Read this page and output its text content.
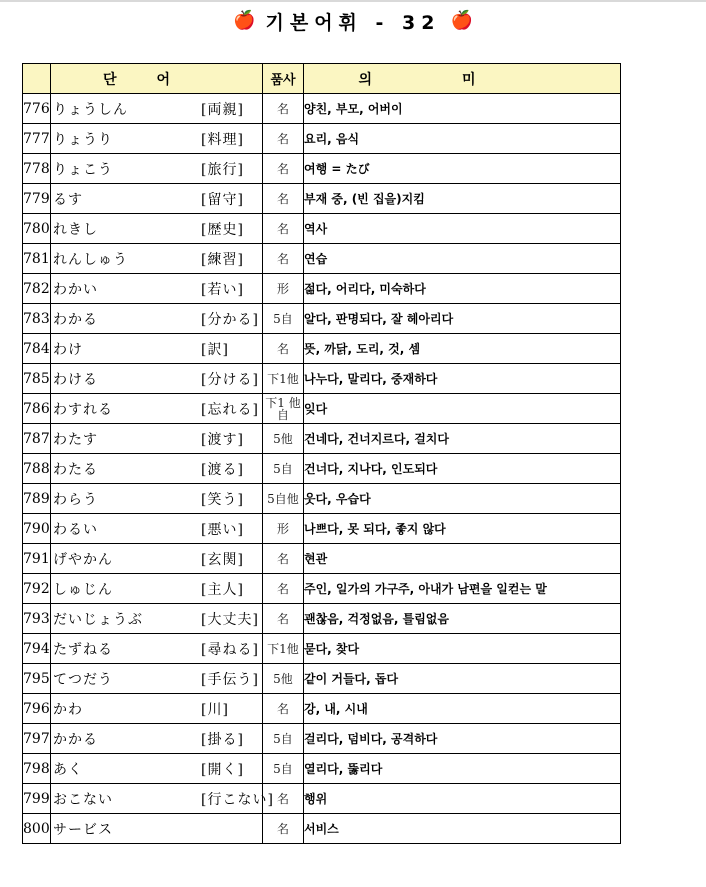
🍎 기본어휘 - 32 🍎
	단어	품사	의미
776	りょうしん [両親]	名	양친, 부모, 어버이
777	りょうり [料理]	名	요리, 음식
778	りょこう [旅行]	名	여행 = たび
779	るす [留守]	名	부재 중, (빈 집을)지킴
780	れきし [歴史]	名	역사
781	れんしゅう [練習]	名	연습
782	わかい [若い]	形	젊다, 어리다, 미숙하다
783	わかる [分かる]	5自	알다, 판명되다, 잘 헤아리다
784	わけ [訳]	名	뜻, 까닭, 도리, 것, 셈
785	わける [分ける]	下1他	나누다, 말리다, 중재하다
786	わすれる [忘れる]	下1 他自	잊다
787	わたす [渡す]	5他	건네다, 건너지르다, 걸치다
788	わたる [渡る]	5自	건너다, 지나다, 인도되다
789	わらう [笑う]	5自他	웃다, 우습다
790	わるい [悪い]	形	나쁘다, 못 되다, 좋지 않다
791	げやかん [玄関]	名	현관
792	しゅじん [主人]	名	주인, 일가의 가구주, 아내가 남편을 일컫는 말
793	だいじょうぶ [大丈夫]	名	괜찮음, 걱정없음, 틀림없음
794	たずねる [尋ねる]	下1他	묻다, 찾다
795	てつだう [手伝う]	5他	같이 거들다, 돕다
796	かわ [川]	名	강, 내, 시내
797	かかる [掛る]	5自	걸리다, 덤비다, 공격하다
798	あく [開く]	5自	열리다, 뚫리다
799	おこない [行こない]	名	행위
800	サービス	名	서비스
